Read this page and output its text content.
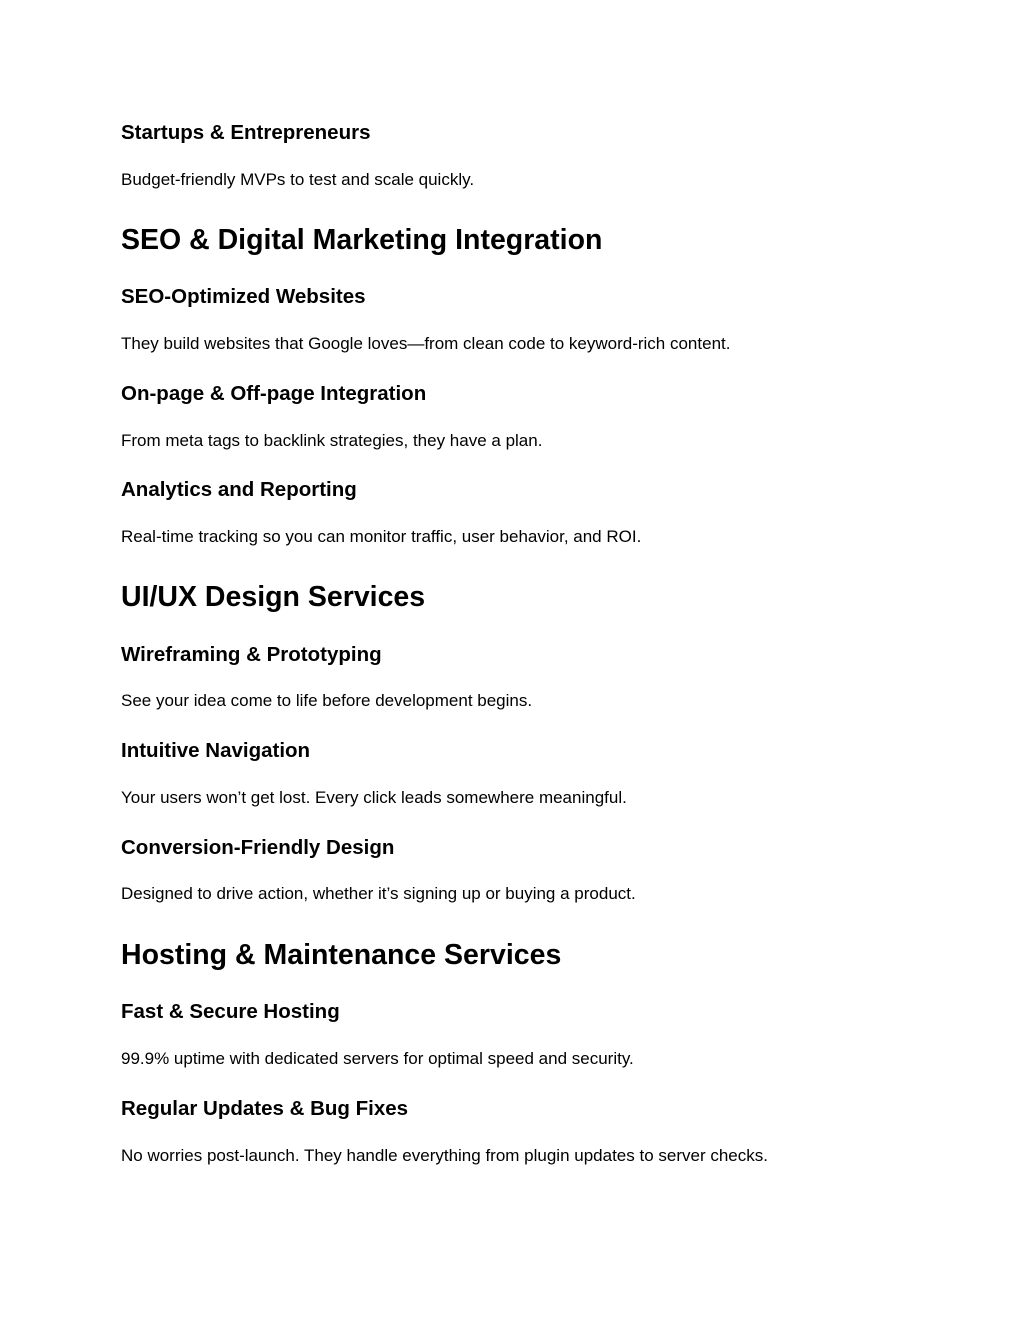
Startups & Entrepreneurs

Budget-friendly MVPs to test and scale quickly.

SEO & Digital Marketing Integration
SEO-Optimized Websites

They build websites that Google loves—from clean code to keyword-rich content.

On-page & Off-page Integration

From meta tags to backlink strategies, they have a plan.

Analytics and Reporting

Real-time tracking so you can monitor traffic, user behavior, and ROI.

UI/UX Design Services
Wireframing & Prototyping

See your idea come to life before development begins.

Intuitive Navigation

Your users won’t get lost. Every click leads somewhere meaningful.

Conversion-Friendly Design

Designed to drive action, whether it’s signing up or buying a product.

Hosting & Maintenance Services
Fast & Secure Hosting

99.9% uptime with dedicated servers for optimal speed and security.

Regular Updates & Bug Fixes

No worries post-launch. They handle everything from plugin updates to server checks.
